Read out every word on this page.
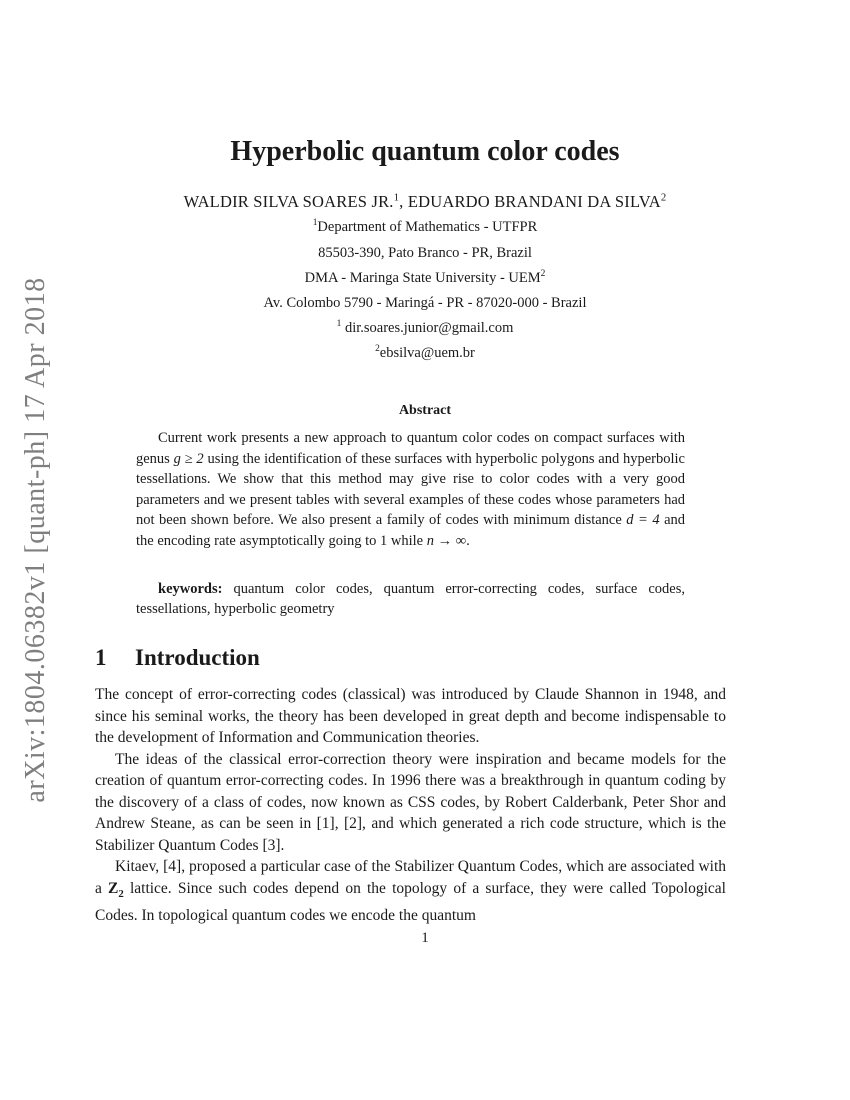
arXiv:1804.06382v1 [quant-ph] 17 Apr 2018
Hyperbolic quantum color codes
WALDIR SILVA SOARES JR.$^1$, EDUARDO BRANDANI DA SILVA$^2$
$^1$Department of Mathematics - UTFPR
85503-390, Pato Branco - PR, Brazil
DMA - Maringa State University - UEM$^2$
Av. Colombo 5790 - Maringá - PR - 87020-000 - Brazil
$^1$ dir.soares.junior@gmail.com
$^2$ebsilva@uem.br
Abstract

Current work presents a new approach to quantum color codes on compact surfaces with genus g ≥ 2 using the identification of these surfaces with hyperbolic polygons and hyperbolic tessellations. We show that this method may give rise to color codes with a very good parameters and we present tables with several examples of these codes whose parameters had not been shown before. We also present a family of codes with minimum distance d = 4 and the encoding rate asymptotically going to 1 while n → ∞.

keywords: quantum color codes, quantum error-correcting codes, surface codes, tessellations, hyperbolic geometry
1 Introduction

The concept of error-correcting codes (classical) was introduced by Claude Shannon in 1948, and since his seminal works, the theory has been developed in great depth and become indispensable to the development of Information and Communication theories.

The ideas of the classical error-correction theory were inspiration and became models for the creation of quantum error-correcting codes. In 1996 there was a breakthrough in quantum coding by the discovery of a class of codes, now known as CSS codes, by Robert Calderbank, Peter Shor and Andrew Steane, as can be seen in [1], [2], and which generated a rich code structure, which is the Stabilizer Quantum Codes [3].

Kitaev, [4], proposed a particular case of the Stabilizer Quantum Codes, which are associated with a $Z_2$ lattice. Since such codes depend on the topology of a surface, they were called Topological Codes. In topological quantum codes we encode the quantum

1
